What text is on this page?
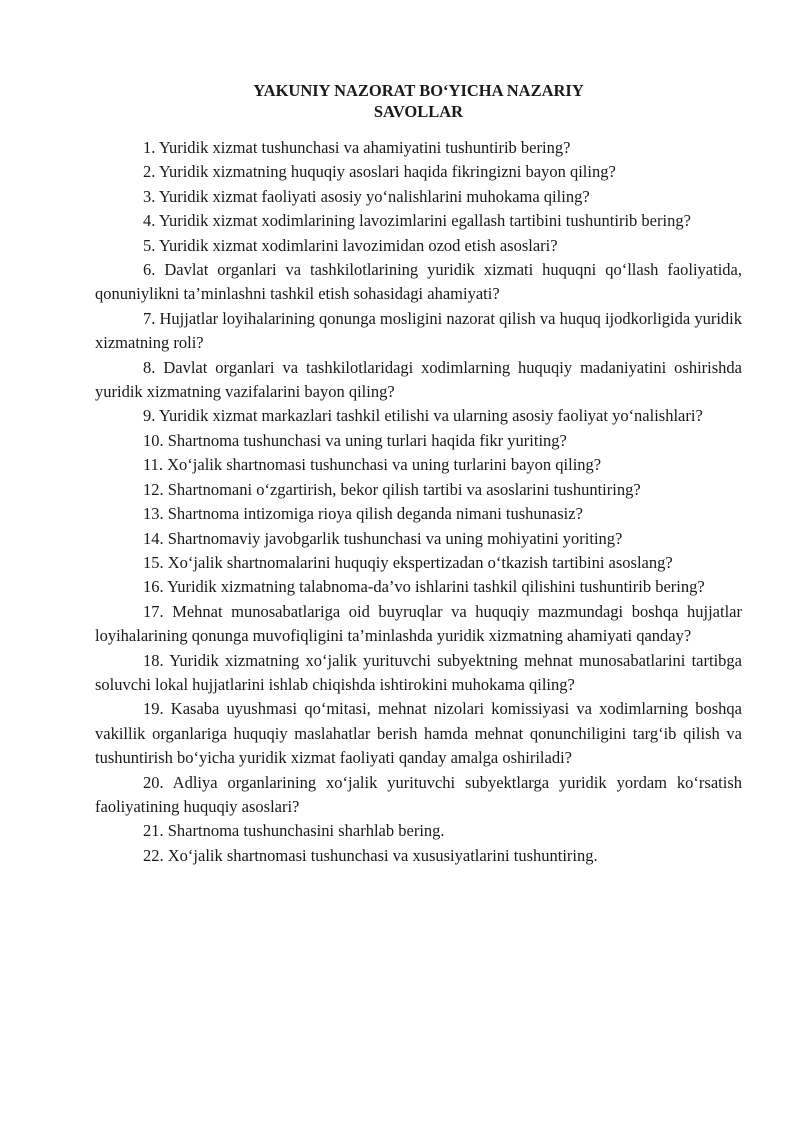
YAKUNIY NAZORAT BO‘YICHA NAZARIY
SAVOLLAR
1. Yuridik xizmat tushunchasi va ahamiyatini tushuntirib bering?
2. Yuridik xizmatning huquqiy asoslari haqida fikringizni bayon qiling?
3. Yuridik xizmat faoliyati asosiy yo‘nalishlarini muhokama qiling?
4. Yuridik xizmat xodimlarining lavozimlarini egallash tartibini tushuntirib bering?
5. Yuridik xizmat xodimlarini lavozimidan ozod etish asoslari?
6. Davlat organlari va tashkilotlarining yuridik xizmati huquqni qo‘llash faoliyatida, qonuniylikni ta’minlashni tashkil etish sohasidagi ahamiyati?
7. Hujjatlar loyihalarining qonunga mosligini nazorat qilish va huquq ijodkorligida yuridik xizmatning roli?
8. Davlat organlari va tashkilotlaridagi xodimlarning huquqiy madaniyatini oshirishda yuridik xizmatning vazifalarini bayon qiling?
9. Yuridik xizmat markazlari tashkil etilishi va ularning asosiy faoliyat yo‘nalishlari?
10. Shartnoma tushunchasi va uning turlari haqida fikr yuriting?
11. Xo‘jalik shartnomasi tushunchasi va uning turlarini bayon qiling?
12. Shartnomani o‘zgartirish, bekor qilish tartibi va asoslarini tushuntiring?
13. Shartnoma intizomiga rioya qilish deganda nimani tushunasiz?
14. Shartnomaviy javobgarlik tushunchasi va uning mohiyatini yoriting?
15. Xo‘jalik shartnomalarini huquqiy ekspertizadan o‘tkazish tartibini asoslang?
16. Yuridik xizmatning talabnoma-da’vo ishlarini tashkil qilishini tushuntirib bering?
17. Mehnat munosabatlariga oid buyruqlar va huquqiy mazmundagi boshqa hujjatlar loyihalarining qonunga muvofiqligini ta’minlashda yuridik xizmatning ahamiyati qanday?
18. Yuridik xizmatning xo‘jalik yurituvchi subyektning mehnat munosabatlarini tartibga soluvchi lokal hujjatlarini ishlab chiqishda ishtirokini muhokama qiling?
19. Kasaba uyushmasi qo‘mitasi, mehnat nizolari komissiyasi va xodimlarning boshqa vakillik organlariga huquqiy maslahatlar berish hamda mehnat qonunchiligini targ‘ib qilish va tushuntirish bo‘yicha yuridik xizmat faoliyati qanday amalga oshiriladi?
20. Adliya organlarining xo‘jalik yurituvchi subyektlarga yuridik yordam ko‘rsatish faoliyatining huquqiy asoslari?
21. Shartnoma tushunchasini sharhlab bering.
22. Xo‘jalik shartnomasi tushunchasi va xususiyatlarini tushuntiring.
